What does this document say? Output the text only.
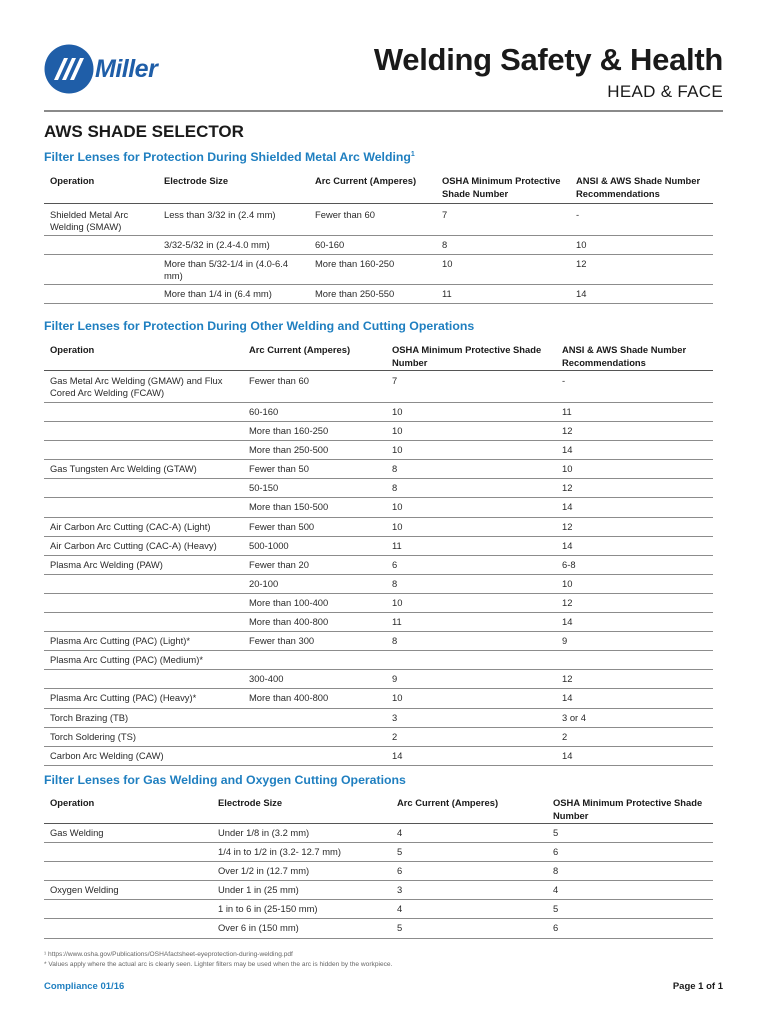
Miller	Welding Safety & Health
HEAD & FACE
AWS SHADE SELECTOR
Filter Lenses for Protection During Shielded Metal Arc Welding$^1$
Operation	Electrode Size	Arc Current (Amperes)	OSHA Minimum Protective Shade Number	ANSI & AWS Shade Number Recommendations
Shielded Metal Arc Welding (SMAW)	Less than 3/32 in (2.4 mm)	Fewer than 60	7	-
	3/32-5/32 in (2.4-4.0 mm)	60-160	8	10
	More than 5/32-1/4 in (4.0-6.4 mm)	More than 160-250	10	12
	More than 1/4 in (6.4 mm)	More than 250-550	11	14
Filter Lenses for Protection During Other Welding and Cutting Operations
Operation	Arc Current (Amperes)	OSHA Minimum Protective Shade Number	ANSI & AWS Shade Number Recommendations
Gas Metal Arc Welding (GMAW) and Flux Cored Arc Welding (FCAW)	Fewer than 60	7	-
	60-160	10	11
	More than 160-250	10	12
	More than 250-500	10	14
Gas Tungsten Arc Welding (GTAW)	Fewer than 50	8	10
	50-150	8	12
	More than 150-500	10	14
Air Carbon Arc Cutting (CAC-A) (Light)	Fewer than 500	10	12
Air Carbon Arc Cutting (CAC-A) (Heavy)	500-1000	11	14
Plasma Arc Welding (PAW)	Fewer than 20	6	6-8
	20-100	8	10
	More than 100-400	10	12
	More than 400-800	11	14
Plasma Arc Cutting (PAC) (Light)*	Fewer than 300	8	9
Plasma Arc Cutting (PAC) (Medium)*			
	300-400	9	12
Plasma Arc Cutting (PAC) (Heavy)*	More than 400-800	10	14
Torch Brazing (TB)		3	3 or 4
Torch Soldering (TS)		2	2
Carbon Arc Welding (CAW)		14	14
Filter Lenses for Gas Welding and Oxygen Cutting Operations
Operation	Electrode Size	Arc Current (Amperes)	OSHA Minimum Protective Shade Number
Gas Welding	Under 1/8 in (3.2 mm)	4	5
	1/4 in to 1/2 in (3.2- 12.7 mm)	5	6
	Over 1/2 in (12.7 mm)	6	8
Oxygen Welding	Under 1 in (25 mm)	3	4
	1 in to 6 in (25-150 mm)	4	5
	Over 6 in (150 mm)	5	6
¹ https://www.osha.gov/Publications/OSHAfactsheet-eyeprotection-during-welding.pdf
* Values apply where the actual arc is clearly seen. Lighter filters may be used when the arc is hidden by the workpiece.
Compliance 01/16	Page 1 of 1
